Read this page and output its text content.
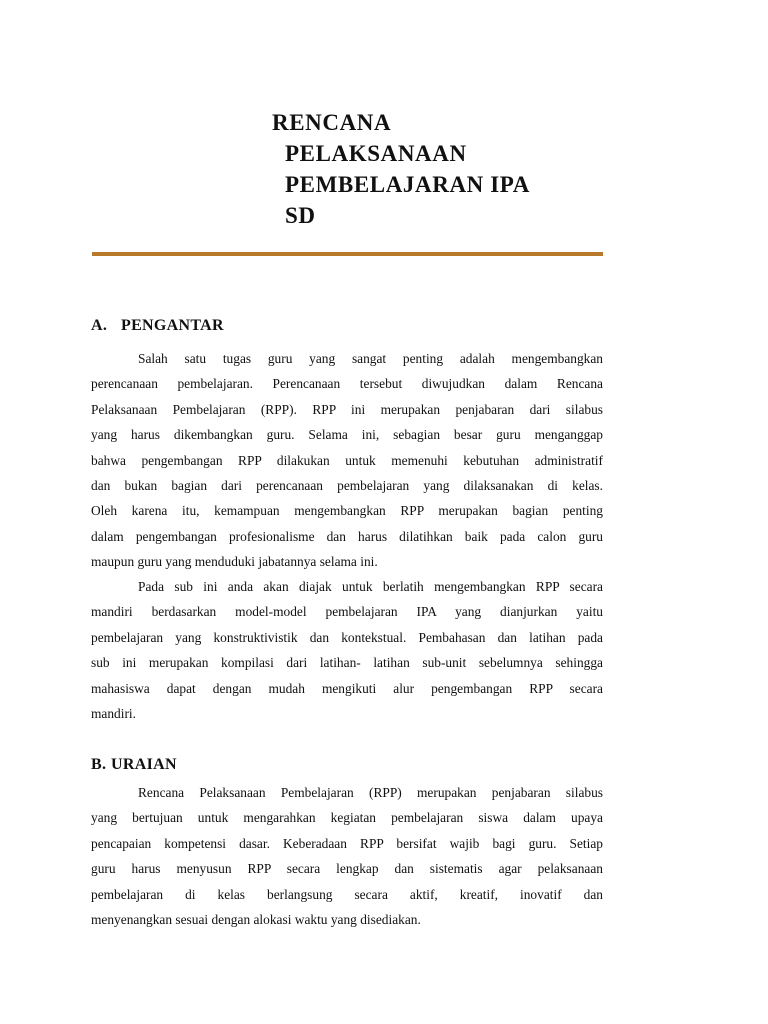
RENCANA
PELAKSANAAN
PEMBELAJARAN IPA
SD
A. PENGANTAR
Salah satu tugas guru yang sangat penting adalah mengembangkan
perencanaan pembelajaran. Perencanaan tersebut diwujudkan dalam Rencana
Pelaksanaan Pembelajaran (RPP). RPP ini merupakan penjabaran dari silabus
yang harus dikembangkan guru. Selama ini, sebagian besar guru menganggap
bahwa pengembangan RPP dilakukan untuk memenuhi kebutuhan administratif
dan bukan bagian dari perencanaan pembelajaran yang dilaksanakan di kelas.
Oleh karena itu, kemampuan mengembangkan RPP merupakan bagian penting
dalam pengembangan profesionalisme dan harus dilatihkan baik pada calon guru
maupun guru yang menduduki jabatannya selama ini.
Pada sub ini anda akan diajak untuk berlatih mengembangkan RPP secara
mandiri berdasarkan model-model pembelajaran IPA yang dianjurkan yaitu
pembelajaran yang konstruktivistik dan kontekstual. Pembahasan dan latihan pada
sub ini merupakan kompilasi dari latihan- latihan sub-unit sebelumnya sehingga
mahasiswa dapat dengan mudah mengikuti alur pengembangan RPP secara
mandiri.
B. URAIAN
Rencana Pelaksanaan Pembelajaran (RPP) merupakan penjabaran silabus
yang bertujuan untuk mengarahkan kegiatan pembelajaran siswa dalam upaya
pencapaian kompetensi dasar. Keberadaan RPP bersifat wajib bagi guru. Setiap
guru harus menyusun RPP secara lengkap dan sistematis agar pelaksanaan
pembelajaran di kelas berlangsung secara aktif, kreatif, inovatif dan
menyenangkan sesuai dengan alokasi waktu yang disediakan.
